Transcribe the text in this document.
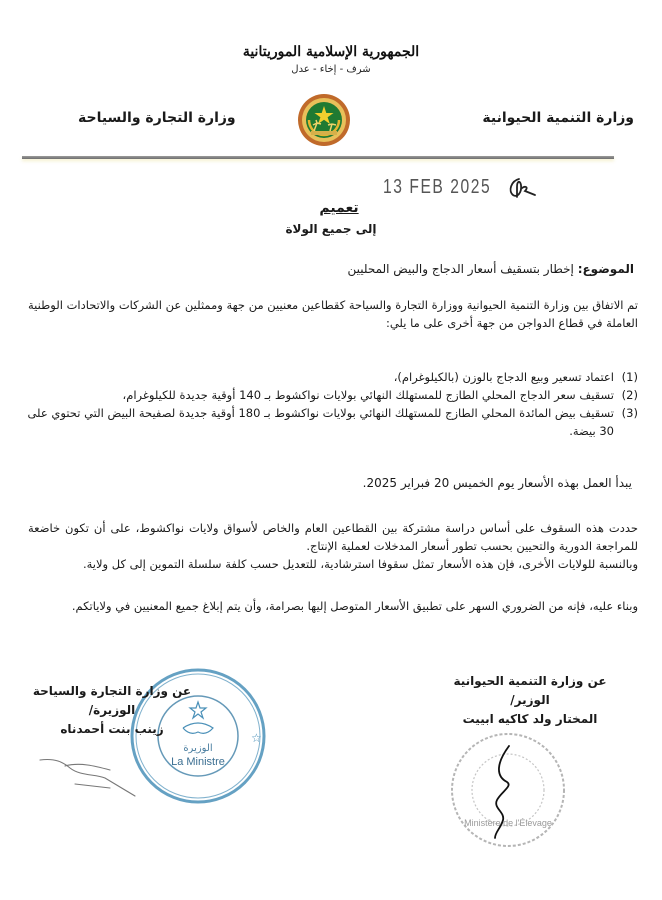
الجمهورية الإسلامية الموريتانية
شرف - إخاء - عدل
وزارة التنمية الحيوانية
وزارة التجارة والسياحة
13 FEB 2025
تعميم
إلى جميع الولاة
الموضوع: إخطار بتسقيف أسعار الدجاج والبيض المحليين
تم الاتفاق بين وزارة التنمية الحيوانية ووزارة التجارة والسياحة كقطاعين معنيين من جهة وممثلين عن الشركات والاتحادات الوطنية العاملة في قطاع الدواجن من جهة أخرى على ما يلي:
(1)
اعتماد تسعير وبيع الدجاج بالوزن (بالكيلوغرام)،
(2)
تسقيف سعر الدجاج المحلي الطازج للمستهلك النهائي بولايات نواكشوط بـ 140 أوقية جديدة للكيلوغرام،
(3)
تسقيف بيض المائدة المحلي الطازج للمستهلك النهائي بولايات نواكشوط بـ 180 أوقية جديدة لصفيحة البيض التي تحتوي على 30 بيضة.
يبدأ العمل بهذه الأسعار يوم الخميس 20 فبراير 2025.
حددت هذه السقوف على أساس دراسة مشتركة بين القطاعين العام والخاص لأسواق ولايات نواكشوط، على أن تكون خاضعة للمراجعة الدورية والتحيين بحسب تطور أسعار المدخلات لعملية الإنتاج.
وبالنسبة للولايات الأخرى، فإن هذه الأسعار تمثل سقوفا استرشادية، للتعديل حسب كلفة سلسلة التموين إلى كل ولاية.
وبناء عليه، فإنه من الضروري السهر على تطبيق الأسعار المتوصل إليها بصرامة، وأن يتم إبلاغ جميع المعنيين في ولاياتكم.
الوزيرة
La Ministre
☆
Ministère de l'Élevage
عن وزارة التجارة والسياحة
الوزيرة/
زينب بنت أحمدناه
عن وزارة التنمية الحيوانية
الوزير/
المختار ولد كاكيه ابييت
